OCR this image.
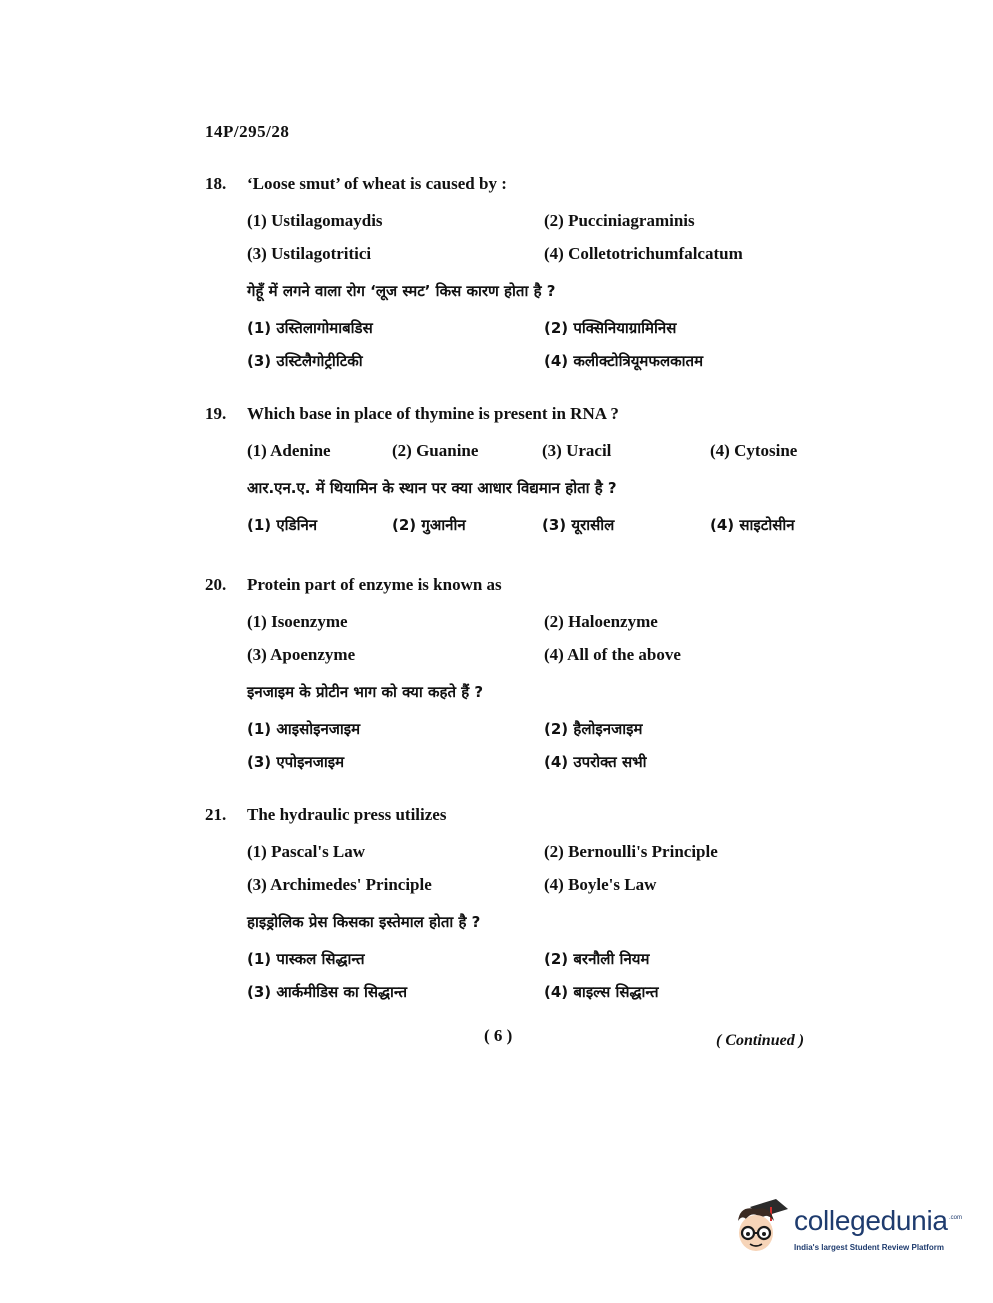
14P/295/28
18.	‘Loose smut’ of wheat is caused by :
(1) Ustilagomaydis	(2) Pucciniagraminis
(3) Ustilagotritici	(4) Colletotrichumfalcatum
गेहूँ में लगने वाला रोग ‘लूज स्मट’ किस कारण होता है ?
(1) उस्तिलागोमाबडिस	(2) पक्सिनियाग्रामिनिस
(3) उस्टिलैगोट्रीटिकी	(4) कलीक्टोत्रियूमफलकातम
19.	Which base in place of thymine is present in RNA ?
(1) Adenine	(2) Guanine	(3) Uracil	(4) Cytosine
आर.एन.ए. में थियामिन के स्थान पर क्या आधार विद्यमान होता है ?
(1) एडिनिन	(2) गुआनीन	(3) यूरासील	(4) साइटोसीन
20.	Protein part of enzyme is known as
(1) Isoenzyme	(2) Haloenzyme
(3) Apoenzyme	(4) All of the above
इनजाइम के प्रोटीन भाग को क्या कहते हैं ?
(1) आइसोइनजाइम	(2) हैलोइनजाइम
(3) एपोइनजाइम	(4) उपरोक्त सभी
21.	The hydraulic press utilizes
(1) Pascal's Law	(2) Bernoulli's Principle
(3) Archimedes' Principle	(4) Boyle's Law
हाइड्रोलिक प्रेस किसका इस्तेमाल होता है ?
(1) पास्कल सिद्धान्त	(2) बरनौली नियम
(3) आर्कमीडिस का सिद्धान्त	(4) बाइल्स सिद्धान्त
( 6 )	( Continued )
collegedunia .com
India's largest Student Review Platform
